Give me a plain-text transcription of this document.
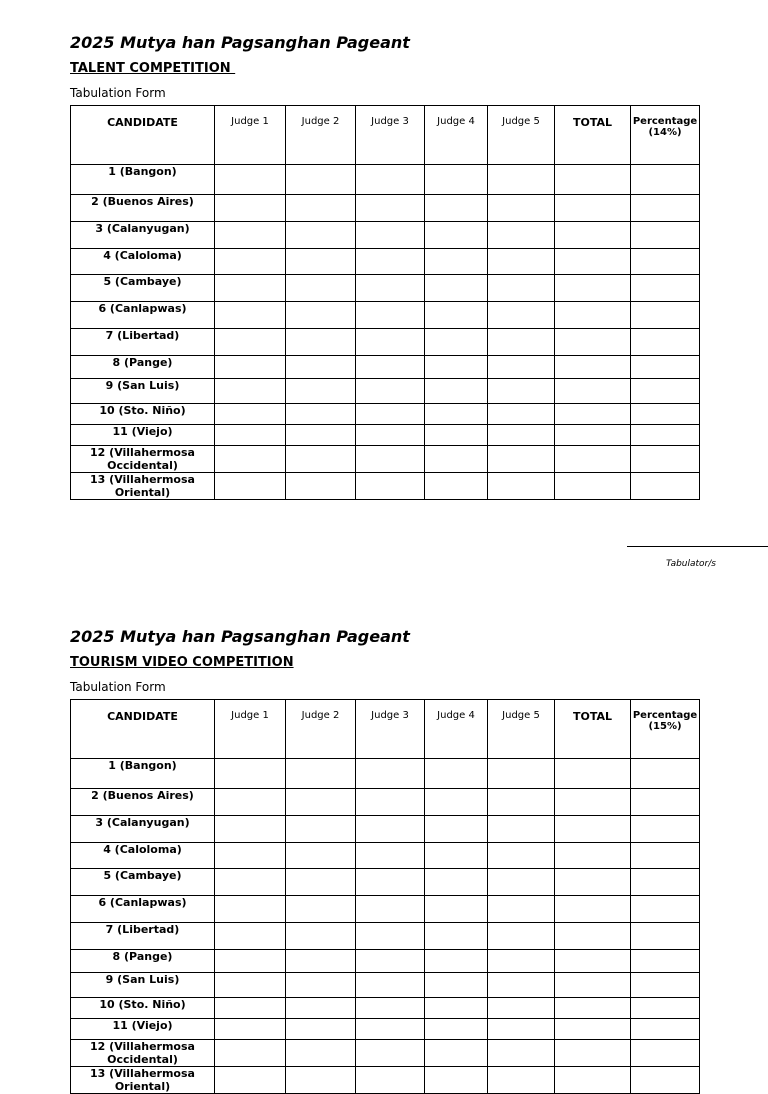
2025 Mutya han Pagsanghan Pageant
TALENT COMPETITION
Tabulation Form
CANDIDATE	Judge 1	Judge 2	Judge 3	Judge 4	Judge 5	TOTAL	Percentage (14%)
1 (Bangon)							
2 (Buenos Aires)							
3 (Calanyugan)							
4 (Caloloma)							
5 (Cambaye)							
6 (Canlapwas)							
7 (Libertad)							
8 (Pange)							
9 (San Luis)							
10 (Sto. Niño)							
11 (Viejo)							
12 (Villahermosa Occidental)							
13 (Villahermosa Oriental)							
Tabulator/s
2025 Mutya han Pagsanghan Pageant
TOURISM VIDEO COMPETITION
Tabulation Form
CANDIDATE	Judge 1	Judge 2	Judge 3	Judge 4	Judge 5	TOTAL	Percentage (15%)
1 (Bangon)							
2 (Buenos Aires)							
3 (Calanyugan)							
4 (Caloloma)							
5 (Cambaye)							
6 (Canlapwas)							
7 (Libertad)							
8 (Pange)							
9 (San Luis)							
10 (Sto. Niño)							
11 (Viejo)							
12 (Villahermosa Occidental)							
13 (Villahermosa Oriental)							
